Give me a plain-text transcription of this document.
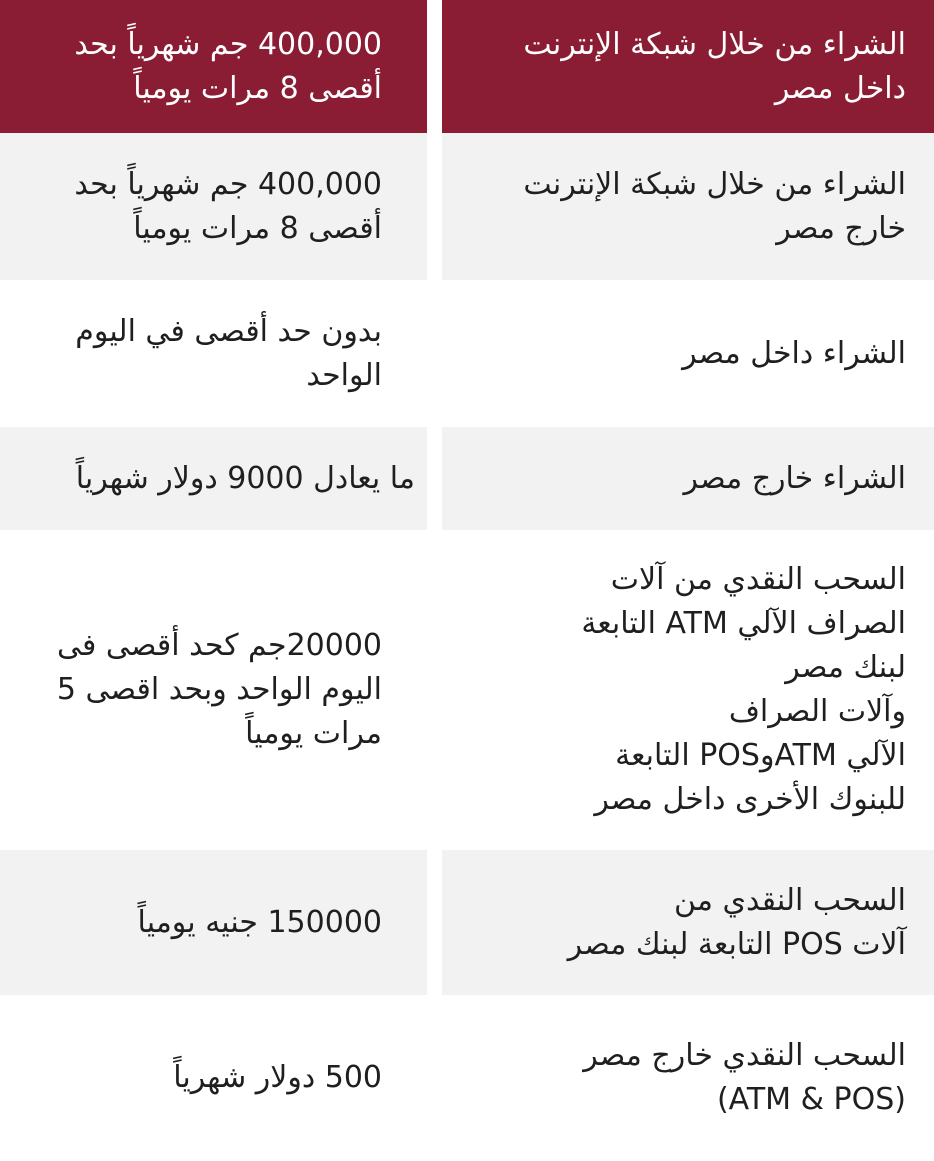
الشراء من خلال شبكة الإنترنت
داخل مصر
400,000 جم شهرياً بحد
أقصى 8 مرات يومياً
الشراء من خلال شبكة الإنترنت
خارج مصر
400,000 جم شهرياً بحد
أقصى 8 مرات يومياً
الشراء داخل مصر
بدون حد أقصى في اليوم
الواحد
الشراء خارج مصر
ما يعادل 9000 دولار شهرياً
السحب النقدي من آلات
الصراف الآلي ATM التابعة
لبنك مصر
وآلات الصراف
الآلي ATMوPOS التابعة
للبنوك الأخرى داخل مصر
20000جم كحد أقصى فى
اليوم الواحد وبحد اقصى 5
مرات يومياً
السحب النقدي من
آلات POS التابعة لبنك مصر
150000 جنيه يومياً
السحب النقدي خارج مصر
(ATM & POS)
500 دولار شهرياً
